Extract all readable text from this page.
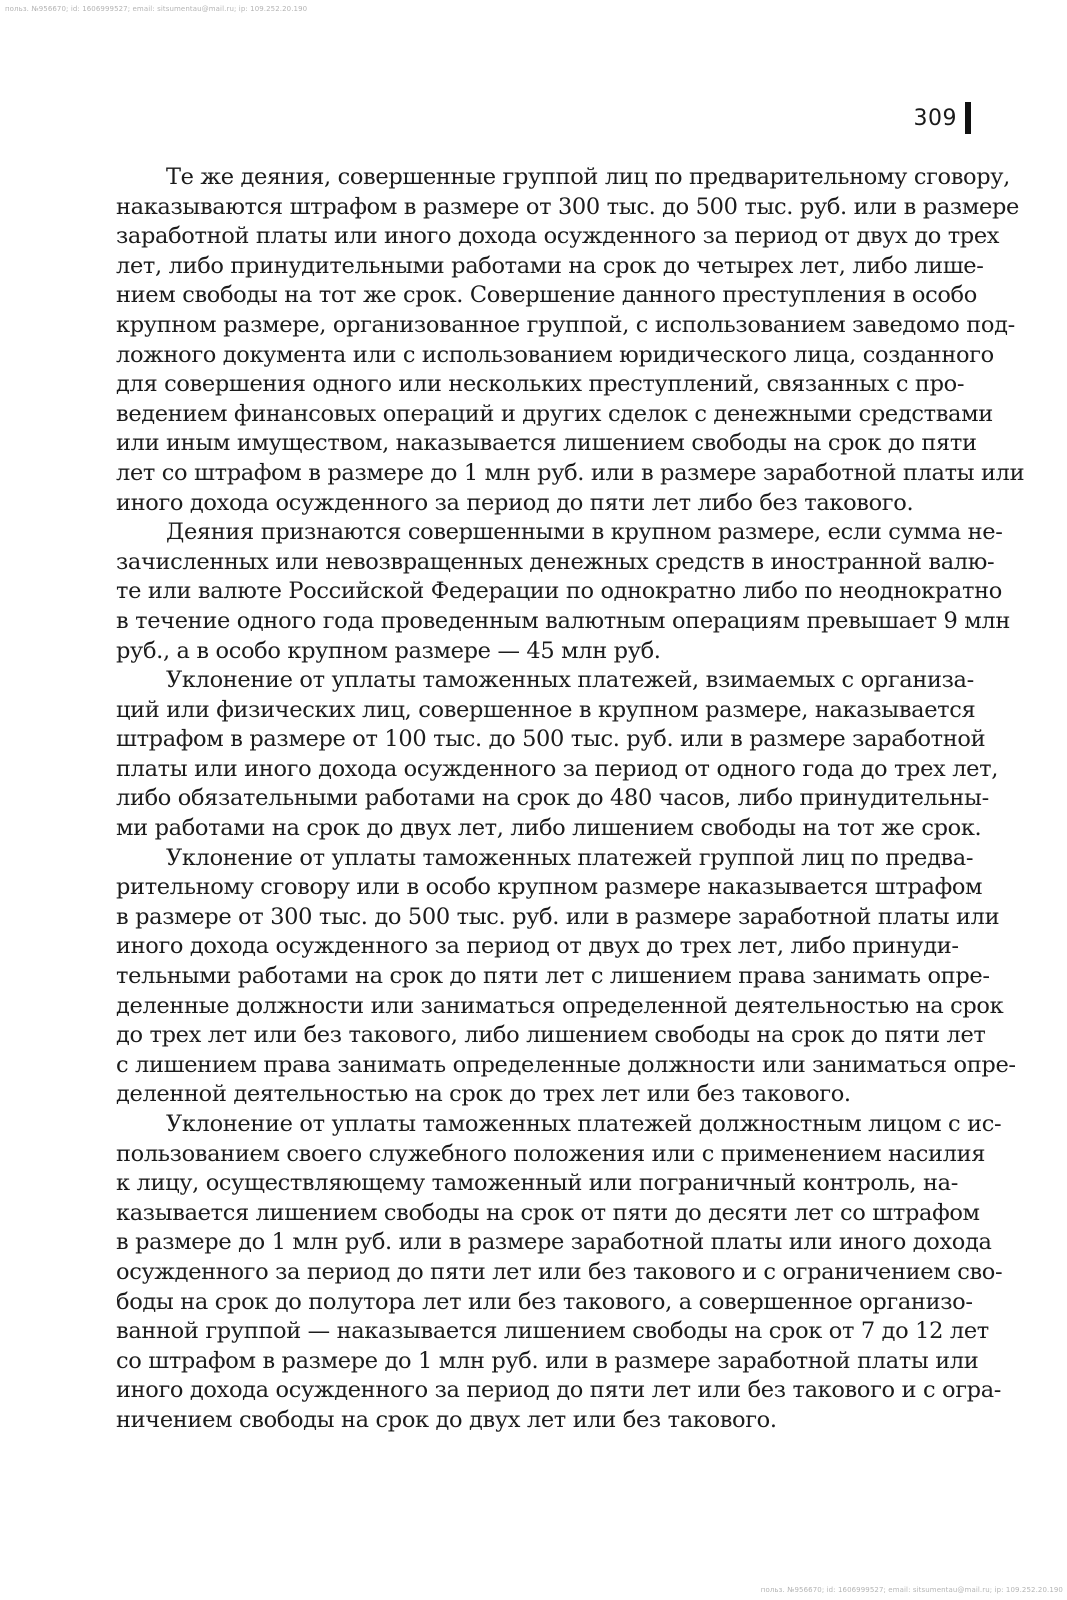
польз. №956670; id: 1606999527; email: sitsumentau@mail.ru; ip: 109.252.20.190
309
Те же деяния, совершенные группой лиц по предварительному сговору,
наказываются штрафом в размере от 300 тыс. до 500 тыс. руб. или в размере
заработной платы или иного дохода осужденного за период от двух до трех
лет, либо принудительными работами на срок до четырех лет, либо лише-
нием свободы на тот же срок. Совершение данного преступления в особо
крупном размере, организованное группой, с использованием заведомо под-
ложного документа или с использованием юридического лица, созданного
для совершения одного или нескольких преступлений, связанных с про-
ведением финансовых операций и других сделок с денежными средствами
или иным имуществом, наказывается лишением свободы на срок до пяти
лет со штрафом в размере до 1 млн руб. или в размере заработной платы или
иного дохода осужденного за период до пяти лет либо без такового.
Деяния признаются совершенными в крупном размере, если сумма не-
зачисленных или невозвращенных денежных средств в иностранной валю-
те или валюте Российской Федерации по однократно либо по неоднократно
в течение одного года проведенным валютным операциям превышает 9 млн
руб., а в особо крупном размере — 45 млн руб.
Уклонение от уплаты таможенных платежей, взимаемых с организа-
ций или физических лиц, совершенное в крупном размере, наказывается
штрафом в размере от 100 тыс. до 500 тыс. руб. или в размере заработной
платы или иного дохода осужденного за период от одного года до трех лет,
либо обязательными работами на срок до 480 часов, либо принудительны-
ми работами на срок до двух лет, либо лишением свободы на тот же срок.
Уклонение от уплаты таможенных платежей группой лиц по предва-
рительному сговору или в особо крупном размере наказывается штрафом
в размере от 300 тыс. до 500 тыс. руб. или в размере заработной платы или
иного дохода осужденного за период от двух до трех лет, либо принуди-
тельными работами на срок до пяти лет с лишением права занимать опре-
деленные должности или заниматься определенной деятельностью на срок
до трех лет или без такового, либо лишением свободы на срок до пяти лет
с лишением права занимать определенные должности или заниматься опре-
деленной деятельностью на срок до трех лет или без такового.
Уклонение от уплаты таможенных платежей должностным лицом с ис-
пользованием своего служебного положения или с применением насилия
к лицу, осуществляющему таможенный или пограничный контроль, на-
казывается лишением свободы на срок от пяти до десяти лет со штрафом
в размере до 1 млн руб. или в размере заработной платы или иного дохода
осужденного за период до пяти лет или без такового и с ограничением сво-
боды на срок до полутора лет или без такового, а совершенное организо-
ванной группой — наказывается лишением свободы на срок от 7 до 12 лет
со штрафом в размере до 1 млн руб. или в размере заработной платы или
иного дохода осужденного за период до пяти лет или без такового и с огра-
ничением свободы на срок до двух лет или без такового.
польз. №956670; id: 1606999527; email: sitsumentau@mail.ru; ip: 109.252.20.190
